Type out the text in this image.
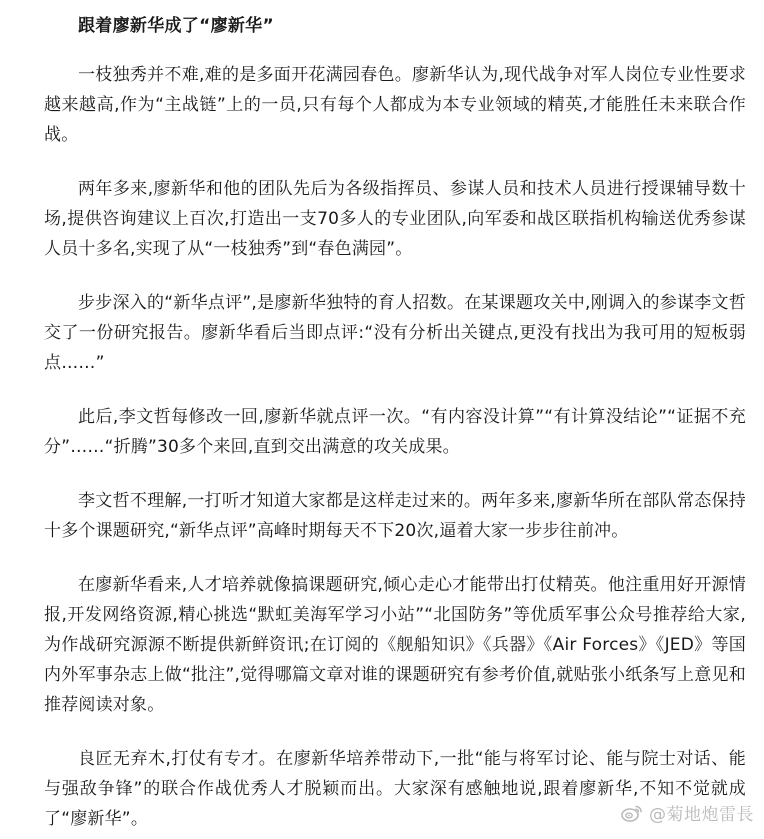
跟着廖新华成了“廖新华”

一枝独秀并不难,难的是多面开花满园春色。廖新华认为,现代战争对军人岗位专业性要求越来越高,作为“主战链”上的一员,只有每个人都成为本专业领域的精英,才能胜任未来联合作战。

两年多来,廖新华和他的团队先后为各级指挥员、参谋人员和技术人员进行授课辅导数十场,提供咨询建议上百次,打造出一支70多人的专业团队,向军委和战区联指机构输送优秀参谋人员十多名,实现了从“一枝独秀”到“春色满园”。

步步深入的“新华点评”,是廖新华独特的育人招数。在某课题攻关中,刚调入的参谋李文哲交了一份研究报告。廖新华看后当即点评:“没有分析出关键点,更没有找出为我可用的短板弱点……”

此后,李文哲每修改一回,廖新华就点评一次。“有内容没计算”“有计算没结论”“证据不充分”……“折腾”30多个来回,直到交出满意的攻关成果。

李文哲不理解,一打听才知道大家都是这样走过来的。两年多来,廖新华所在部队常态保持十多个课题研究,“新华点评”高峰时期每天不下20次,逼着大家一步步往前冲。

在廖新华看来,人才培养就像搞课题研究,倾心走心才能带出打仗精英。他注重用好开源情报,开发网络资源,精心挑选“默虹美海军学习小站”“北国防务”等优质军事公众号推荐给大家,为作战研究源源不断提供新鲜资讯;在订阅的《舰船知识》《兵器》《Air Forces》《JED》等国内外军事杂志上做“批注”,觉得哪篇文章对谁的课题研究有参考价值,就贴张小纸条写上意见和推荐阅读对象。

良匠无弃木,打仗有专才。在廖新华培养带动下,一批“能与将军讨论、能与院士对话、能与强敌争锋”的联合作战优秀人才脱颖而出。大家深有感触地说,跟着廖新华,不知不觉就成了“廖新华”。	@菊地炮雷長
